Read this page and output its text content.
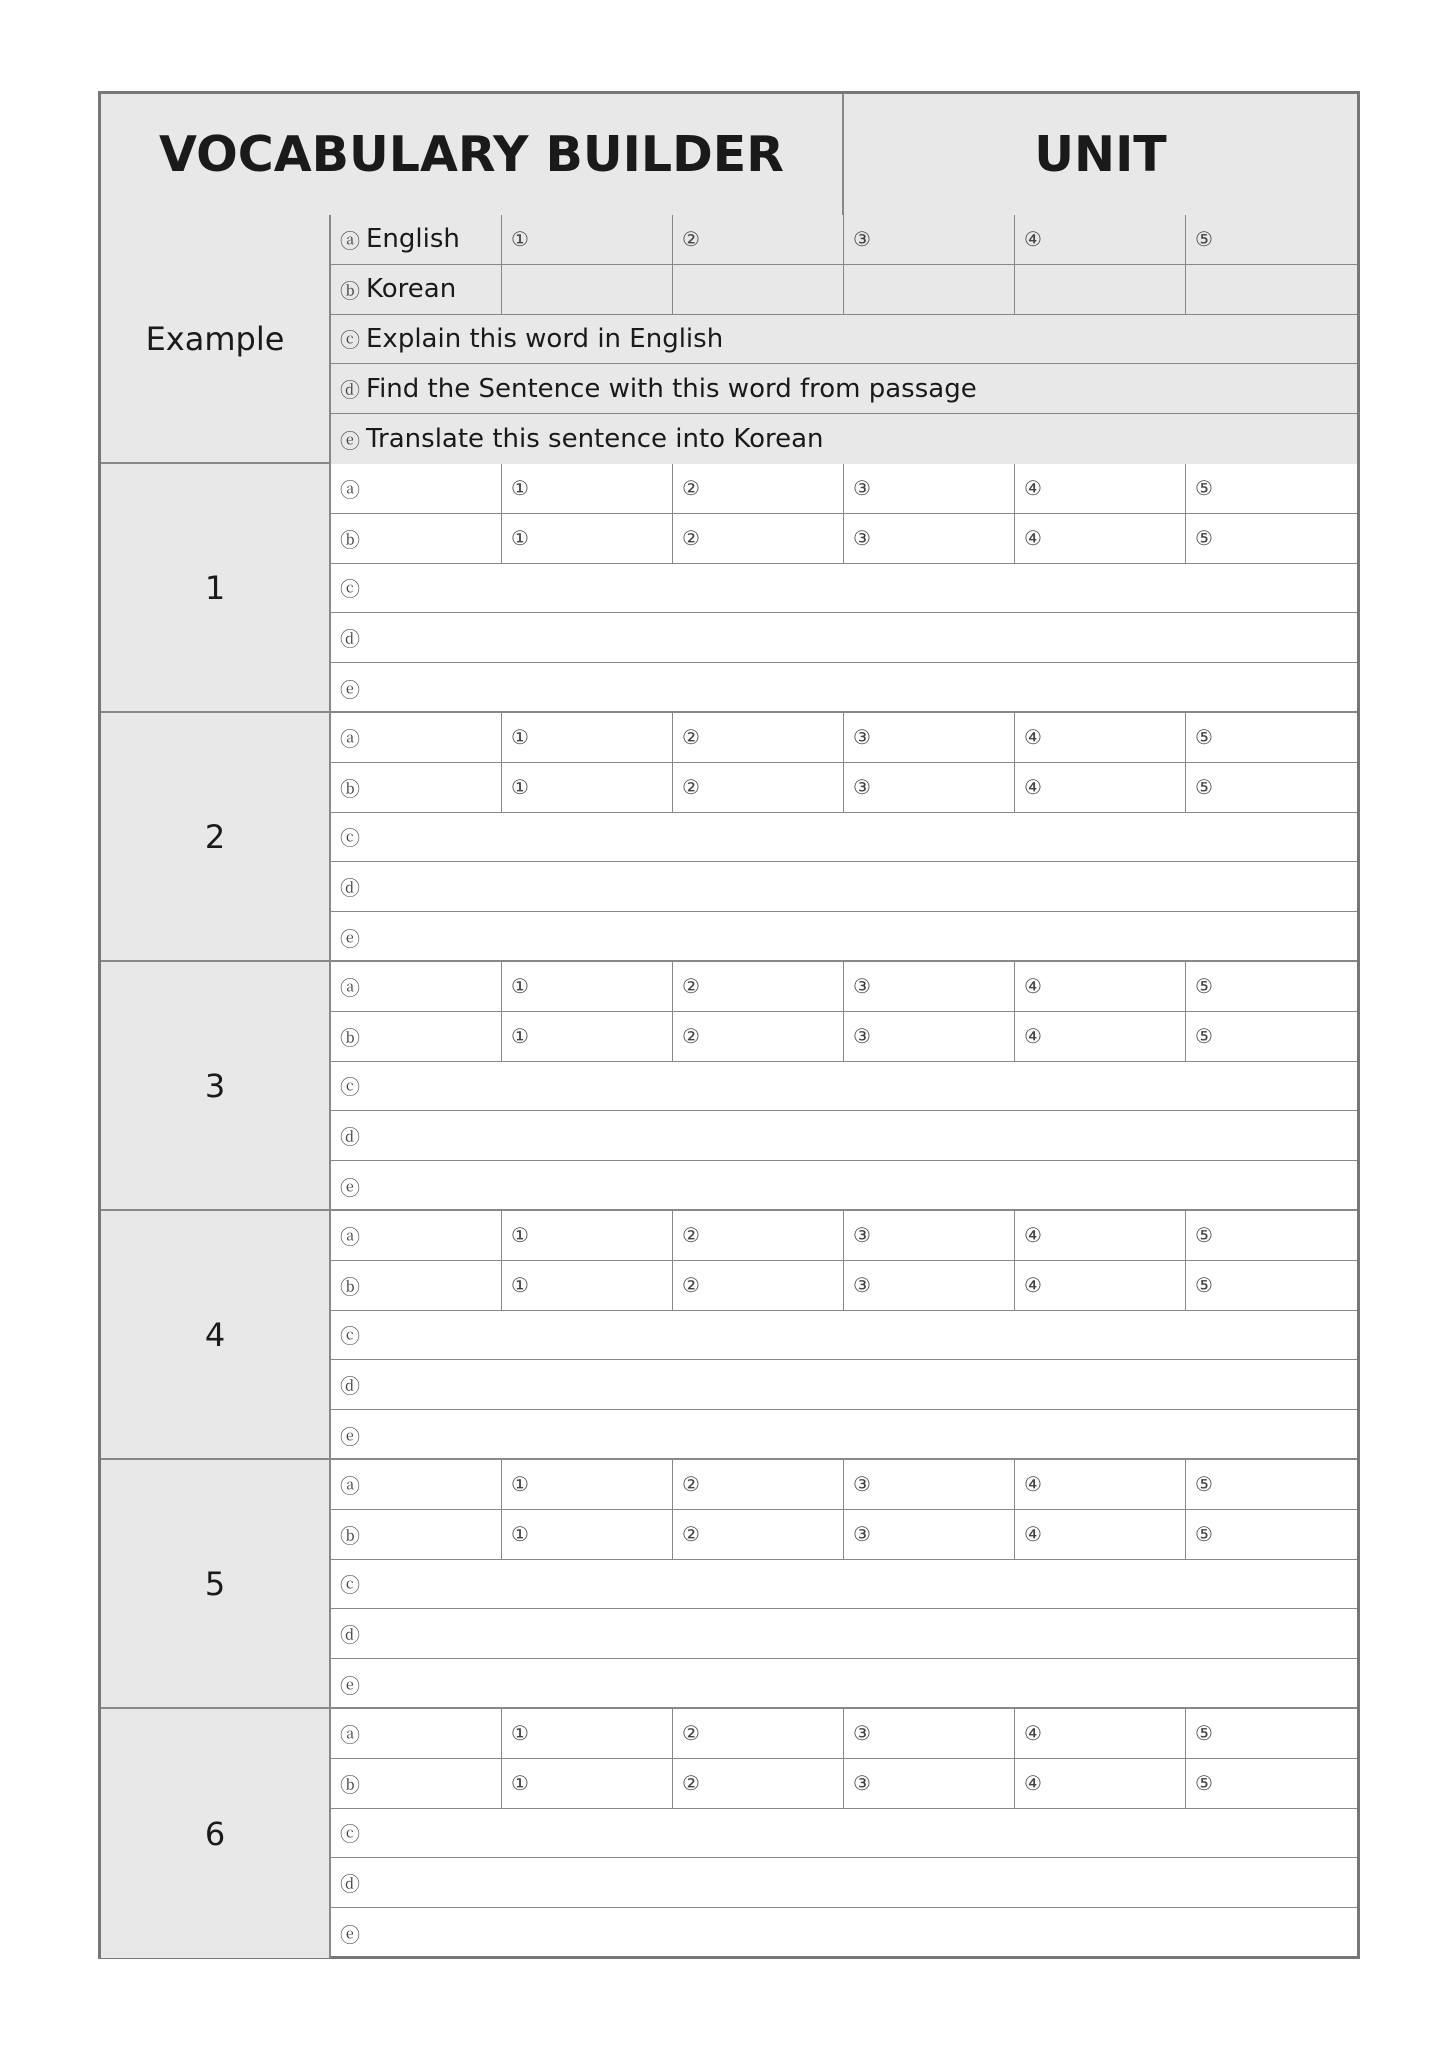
VOCABULARY BUILDER	UNIT
Example
ⓐ English	①	②	③	④	⑤
ⓑ Korean
ⓒ Explain this word in English
ⓓ Find the Sentence with this word from passage
ⓔ Translate this sentence into Korean
1
ⓐ	①	②	③	④	⑤
ⓑ	①	②	③	④	⑤
ⓒ
ⓓ
ⓔ
2
ⓐ	①	②	③	④	⑤
ⓑ	①	②	③	④	⑤
ⓒ
ⓓ
ⓔ
3
ⓐ	①	②	③	④	⑤
ⓑ	①	②	③	④	⑤
ⓒ
ⓓ
ⓔ
4
ⓐ	①	②	③	④	⑤
ⓑ	①	②	③	④	⑤
ⓒ
ⓓ
ⓔ
5
ⓐ	①	②	③	④	⑤
ⓑ	①	②	③	④	⑤
ⓒ
ⓓ
ⓔ
6
ⓐ	①	②	③	④	⑤
ⓑ	①	②	③	④	⑤
ⓒ
ⓓ
ⓔ
